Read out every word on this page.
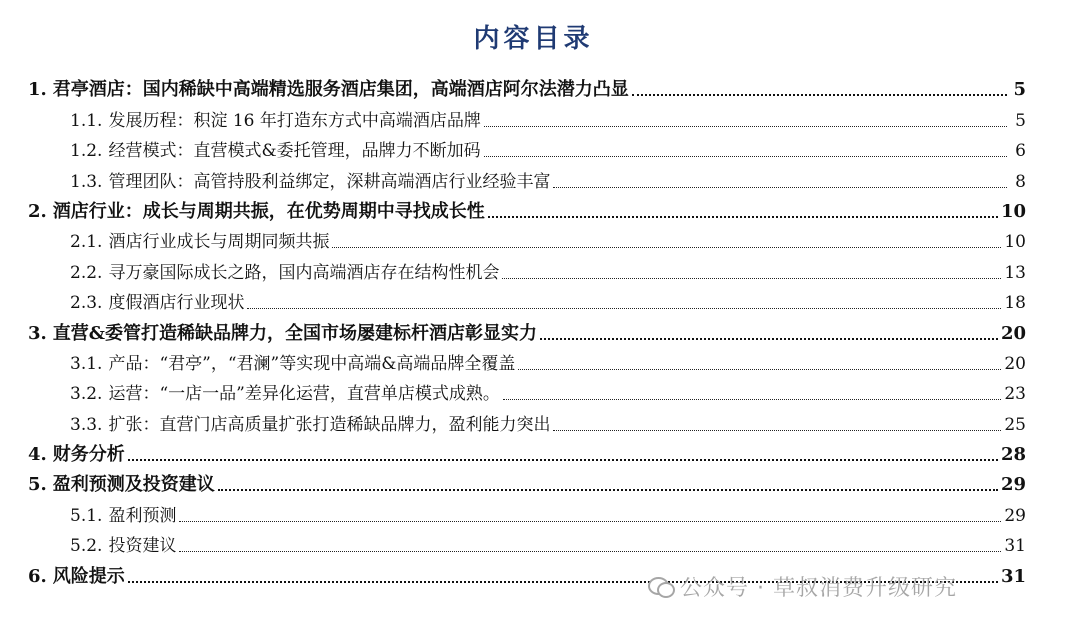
内容目录
1. 君亭酒店：国内稀缺中高端精选服务酒店集团，高端酒店阿尔法潜力凸显	5
1.1. 发展历程：积淀 16 年打造东方式中高端酒店品牌	5
1.2. 经营模式：直营模式&委托管理，品牌力不断加码	6
1.3. 管理团队：高管持股利益绑定，深耕高端酒店行业经验丰富	8
2. 酒店行业：成长与周期共振，在优势周期中寻找成长性	10
2.1. 酒店行业成长与周期同频共振	10
2.2. 寻万豪国际成长之路，国内高端酒店存在结构性机会	13
2.3. 度假酒店行业现状	18
3. 直营&委管打造稀缺品牌力，全国市场屡建标杆酒店彰显实力	20
3.1. 产品：“君亭”，“君澜”等实现中高端&高端品牌全覆盖	20
3.2. 运营：“一店一品”差异化运营，直营单店模式成熟。	23
3.3. 扩张：直营门店高质量扩张打造稀缺品牌力，盈利能力突出	25
4. 财务分析	28
5. 盈利预测及投资建议	29
5.1. 盈利预测	29
5.2. 投资建议	31
6. 风险提示	31
公众号 · 草叔消费升级研究
